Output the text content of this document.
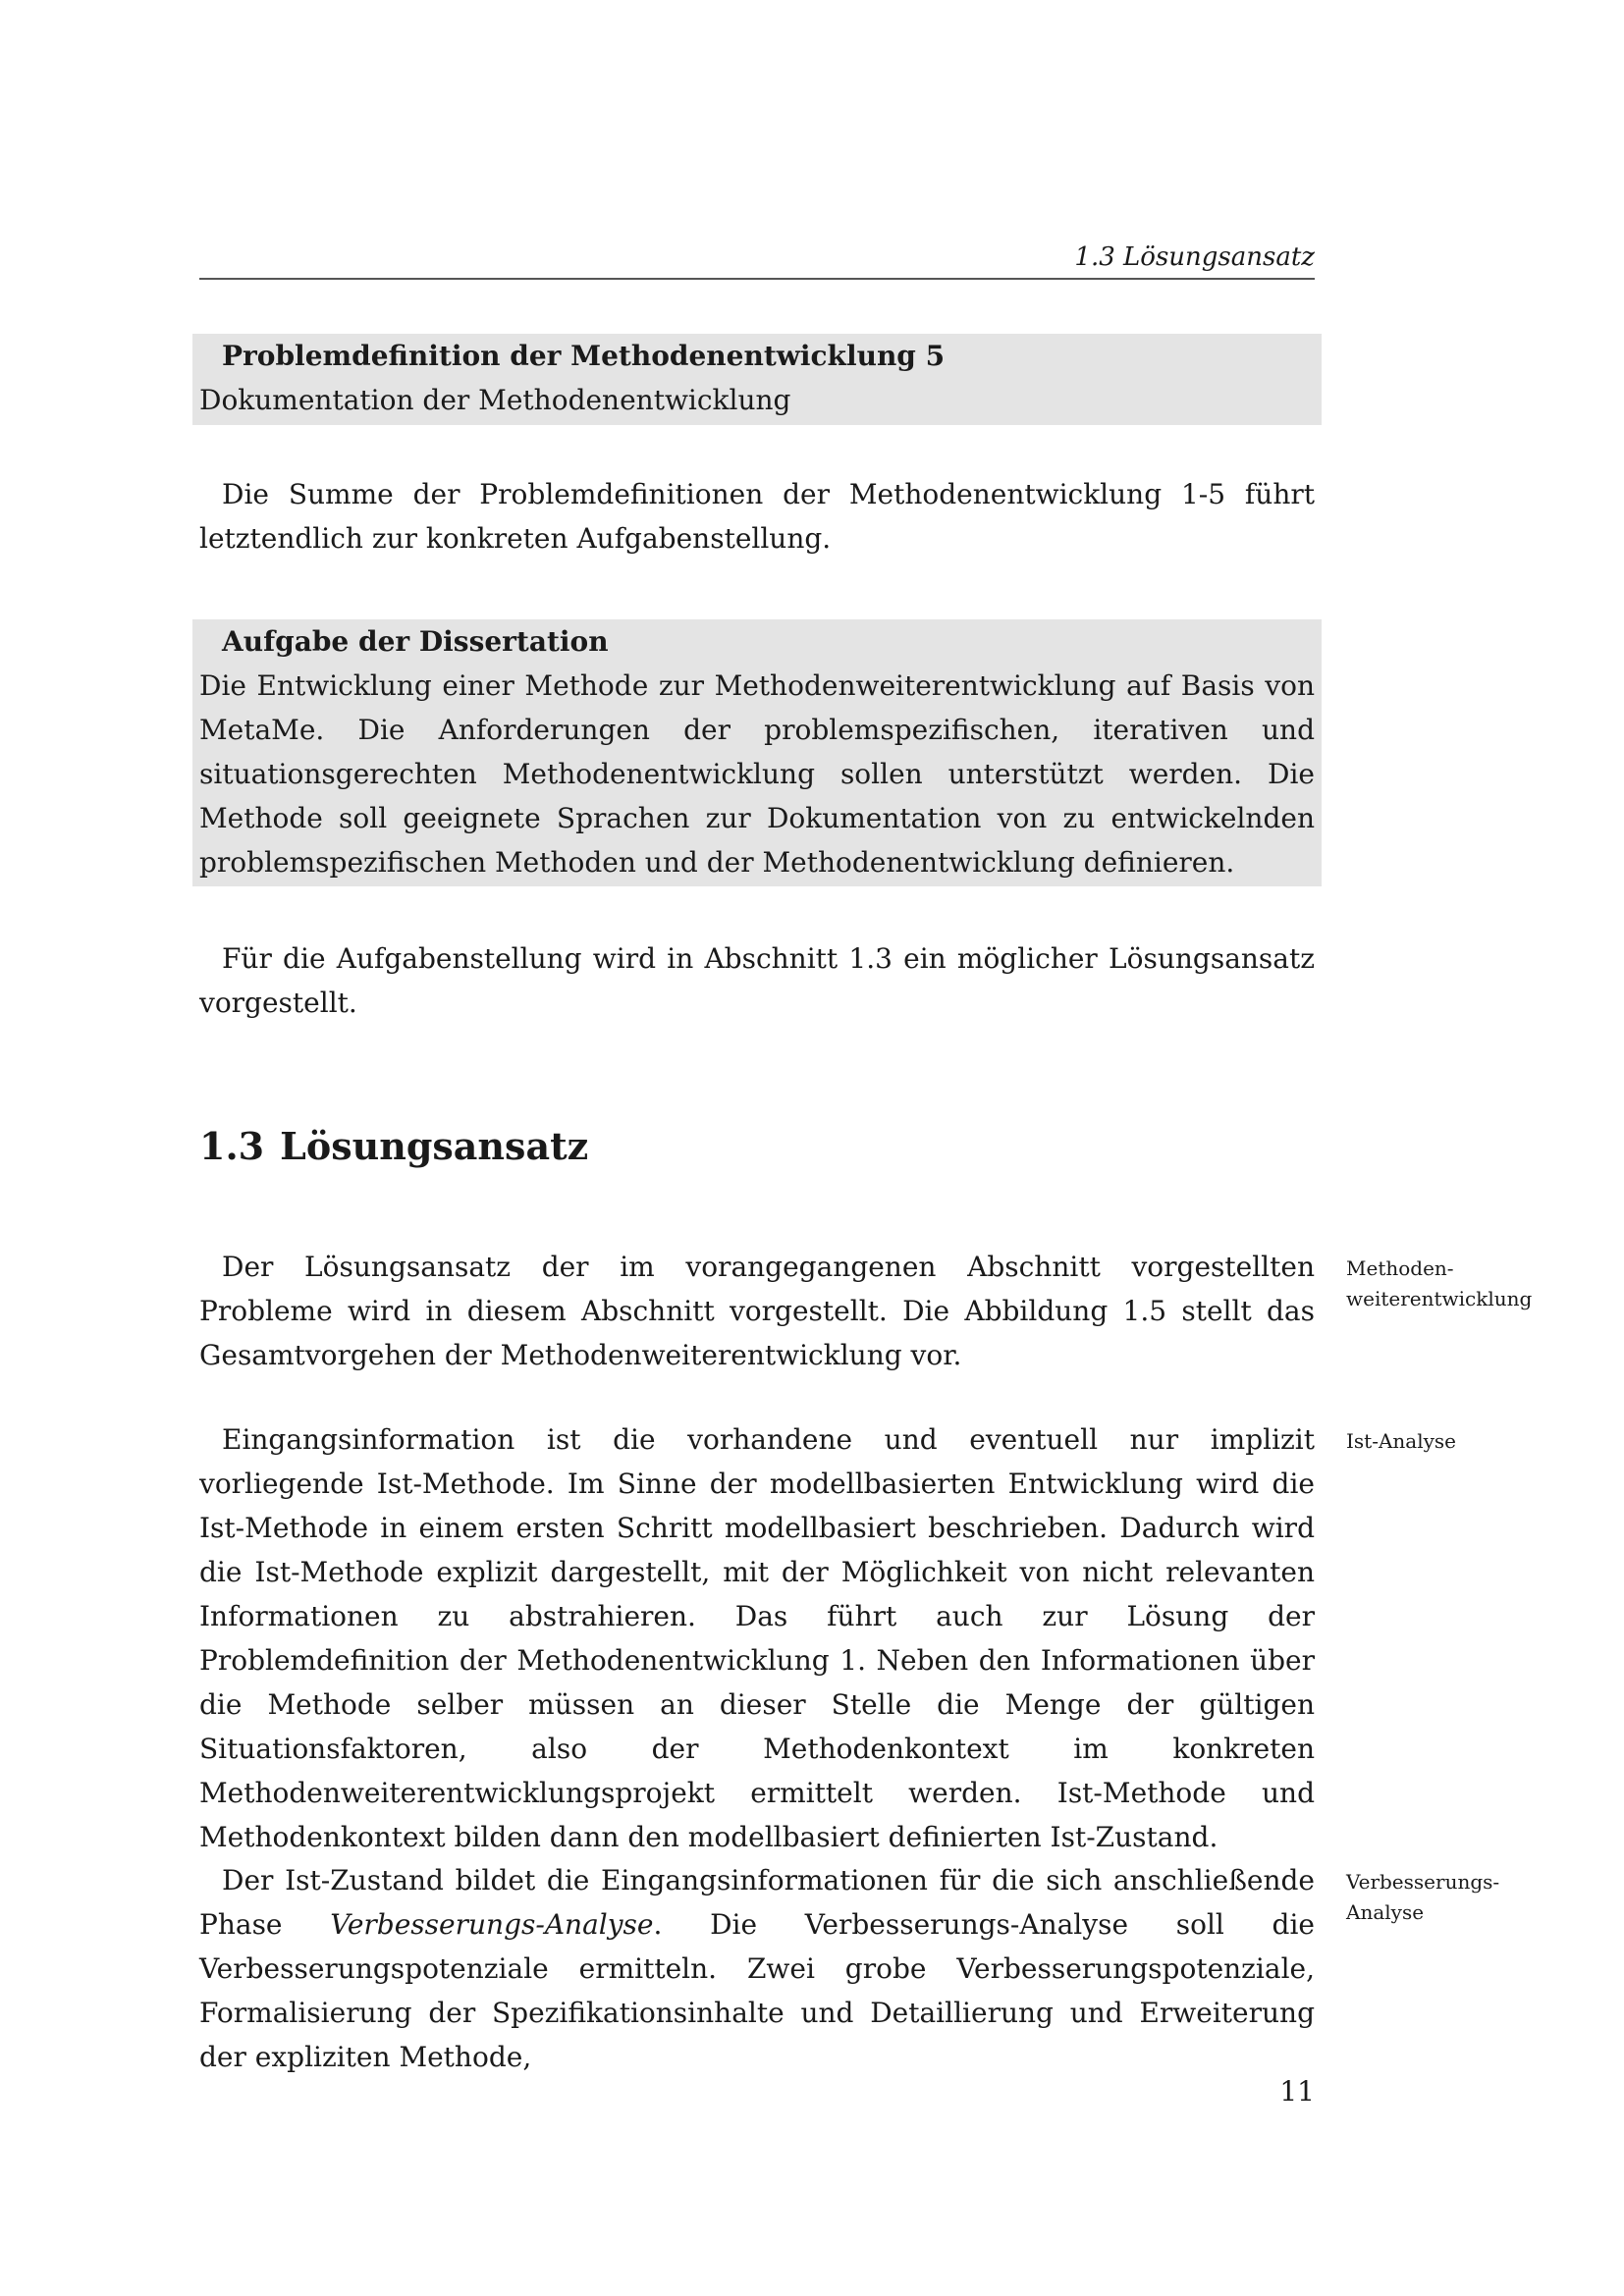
1.3 Lösungsansatz
Problemdefinition der Methodenentwicklung 5
Dokumentation der Methodenentwicklung
Die Summe der Problemdefinitionen der Methodenentwicklung 1-5 führt letztendlich zur konkreten Aufgabenstellung.
Aufgabe der Dissertation
Die Entwicklung einer Methode zur Methodenweiterentwicklung auf Basis von MetaMe. Die Anforderungen der problemspezifischen, iterativen und situationsgerechten Methodenentwicklung sollen unterstützt werden. Die Methode soll geeignete Sprachen zur Dokumentation von zu entwickelnden problemspezifischen Methoden und der Methodenentwicklung definieren.
Für die Aufgabenstellung wird in Abschnitt 1.3 ein möglicher Lösungsansatz vorgestellt.
1.3 Lösungsansatz
Der Lösungsansatz der im vorangegangenen Abschnitt vorgestellten Probleme wird in diesem Abschnitt vorgestellt. Die Abbildung 1.5 stellt das Gesamtvorgehen der Methodenweiterentwicklung vor.
Methoden-
weiterentwicklung
Eingangsinformation ist die vorhandene und eventuell nur implizit vorliegende Ist-Methode. Im Sinne der modellbasierten Entwicklung wird die Ist-Methode in einem ersten Schritt modellbasiert beschrieben. Dadurch wird die Ist-Methode explizit dargestellt, mit der Möglichkeit von nicht relevanten Informationen zu abstrahieren. Das führt auch zur Lösung der Problemdefinition der Methodenentwicklung 1. Neben den Informationen über die Methode selber müssen an dieser Stelle die Menge der gültigen Situationsfaktoren, also der Methodenkontext im konkreten Methodenweiterentwicklungsprojekt ermittelt werden. Ist-Methode und Methodenkontext bilden dann den modellbasiert definierten Ist-Zustand.
Ist-Analyse
Der Ist-Zustand bildet die Eingangsinformationen für die sich anschließende Phase Verbesserungs-Analyse. Die Verbesserungs-Analyse soll die Verbesserungspotenziale ermitteln. Zwei grobe Verbesserungspotenziale, Formalisierung der Spezifikationsinhalte und Detaillierung und Erweiterung der expliziten Methode,
Verbesserungs-
Analyse
11
